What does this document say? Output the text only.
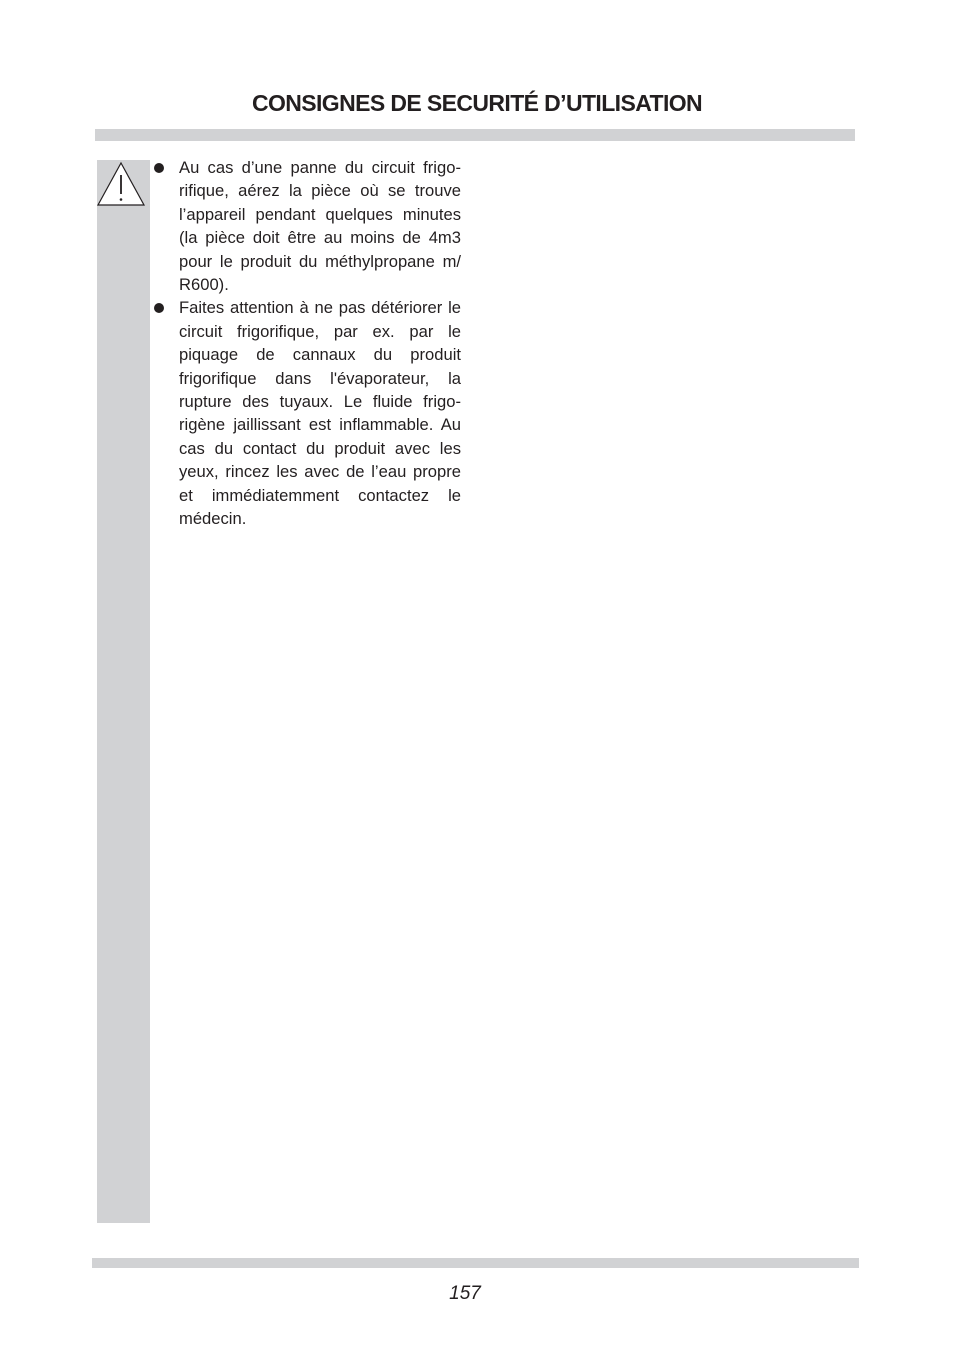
CONSIGNES DE SECURITÉ D’UTILISATION
Au cas d’une panne du circuit frigorifique, aérez la pièce où se trouve l’appareil pendant quelques minutes (la pièce doit être au moins de 4m3 pour le produit du méthylpropane m/​R600).
Faites attention à ne pas détériorer le circuit frigorifique, par ex. par le piquage de cannaux du produit frigorifique dans l'évaporateur, la rupture des tuyaux. Le fluide frigorigène jaillissant est inflammable. Au cas du contact du produit avec les yeux, rincez les avec de l’eau propre et immédiatemment contactez le médecin.
157
